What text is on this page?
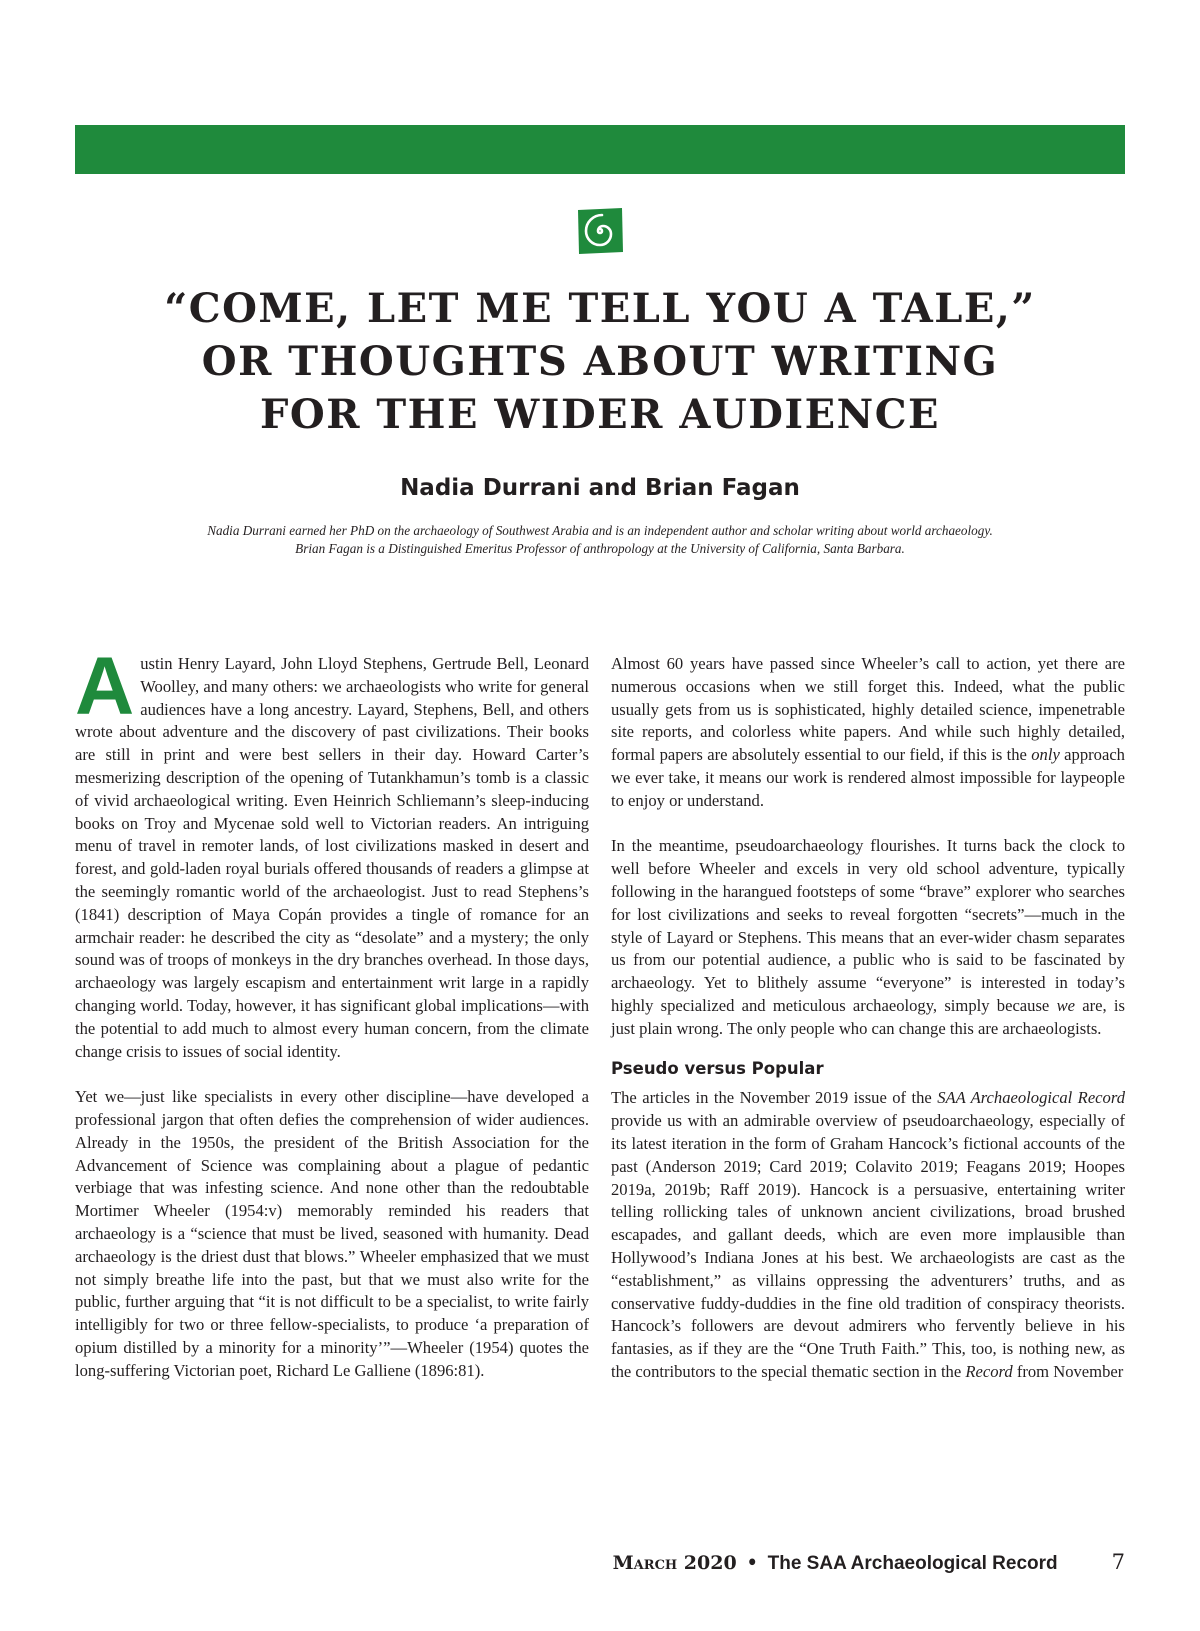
“COME, LET ME TELL YOU A TALE,”
OR THOUGHTS ABOUT WRITING
FOR THE WIDER AUDIENCE
Nadia Durrani and Brian Fagan
Nadia Durrani earned her PhD on the archaeology of Southwest Arabia and is an independent author and scholar writing about world archaeology.
Brian Fagan is a Distinguished Emeritus Professor of anthropology at the University of California, Santa Barbara.

Austin Henry Layard, John Lloyd Stephens, Gertrude Bell, Leonard Woolley, and many others: we archaeologists who write for general audiences have a long ancestry. Layard, Stephens, Bell, and others wrote about adventure and the discovery of past civilizations. Their books are still in print and were best sellers in their day. Howard Carter’s mesmerizing description of the opening of Tutankhamun’s tomb is a classic of vivid archaeological writing. Even Heinrich Schliemann’s sleep-inducing books on Troy and Mycenae sold well to Victorian readers. An intriguing menu of travel in remoter lands, of lost civilizations masked in desert and forest, and gold-laden royal burials offered thousands of readers a glimpse at the seemingly romantic world of the archaeologist. Just to read Stephens’s (1841) description of Maya Copán provides a tingle of romance for an armchair reader: he described the city as “desolate” and a mystery; the only sound was of troops of monkeys in the dry branches overhead. In those days, archaeology was largely escapism and entertainment writ large in a rapidly changing world. Today, however, it has significant global implications—with the potential to add much to almost every human concern, from the climate change crisis to issues of social identity.

Yet we—just like specialists in every other discipline—have developed a professional jargon that often defies the comprehension of wider audiences. Already in the 1950s, the president of the British Association for the Advancement of Science was complaining about a plague of pedantic verbiage that was infesting science. And none other than the redoubtable Mortimer Wheeler (1954:v) memorably reminded his readers that archaeology is a “science that must be lived, seasoned with humanity. Dead archaeology is the driest dust that blows.” Wheeler emphasized that we must not simply breathe life into the past, but that we must also write for the public, further arguing that “it is not difficult to be a specialist, to write fairly intelligibly for two or three fellow-specialists, to produce ‘a preparation of opium distilled by a minority for a minority’”—Wheeler (1954) quotes the long-suffering Victorian poet, Richard Le Galliene (1896:81).

Almost 60 years have passed since Wheeler’s call to action, yet there are numerous occasions when we still forget this. Indeed, what the public usually gets from us is sophisticated, highly detailed science, impenetrable site reports, and colorless white papers. And while such highly detailed, formal papers are absolutely essential to our field, if this is the only approach we ever take, it means our work is rendered almost impossible for laypeople to enjoy or understand.

In the meantime, pseudoarchaeology flourishes. It turns back the clock to well before Wheeler and excels in very old school adventure, typically following in the harangued footsteps of some “brave” explorer who searches for lost civilizations and seeks to reveal forgotten “secrets”—much in the style of Layard or Stephens. This means that an ever-wider chasm separates us from our potential audience, a public who is said to be fascinated by archaeology. Yet to blithely assume “everyone” is interested in today’s highly specialized and meticulous archaeology, simply because we are, is just plain wrong. The only people who can change this are archaeologists.

Pseudo versus Popular

The articles in the November 2019 issue of the SAA Archaeological Record provide us with an admirable overview of pseudoarchaeology, especially of its latest iteration in the form of Graham Hancock’s fictional accounts of the past (Anderson 2019; Card 2019; Colavito 2019; Feagans 2019; Hoopes 2019a, 2019b; Raff 2019). Hancock is a persuasive, entertaining writer telling rollicking tales of unknown ancient civilizations, broad brushed escapades, and gallant deeds, which are even more implausible than Hollywood’s Indiana Jones at his best. We archaeologists are cast as the “establishment,” as villains oppressing the adventurers’ truths, and as conservative fuddy-duddies in the fine old tradition of conspiracy theorists. Hancock’s followers are devout admirers who fervently believe in his fantasies, as if they are the “One Truth Faith.” This, too, is nothing new, as the contributors to the special thematic section in the Record from November

March 2020 • The SAA Archaeological Record	7
